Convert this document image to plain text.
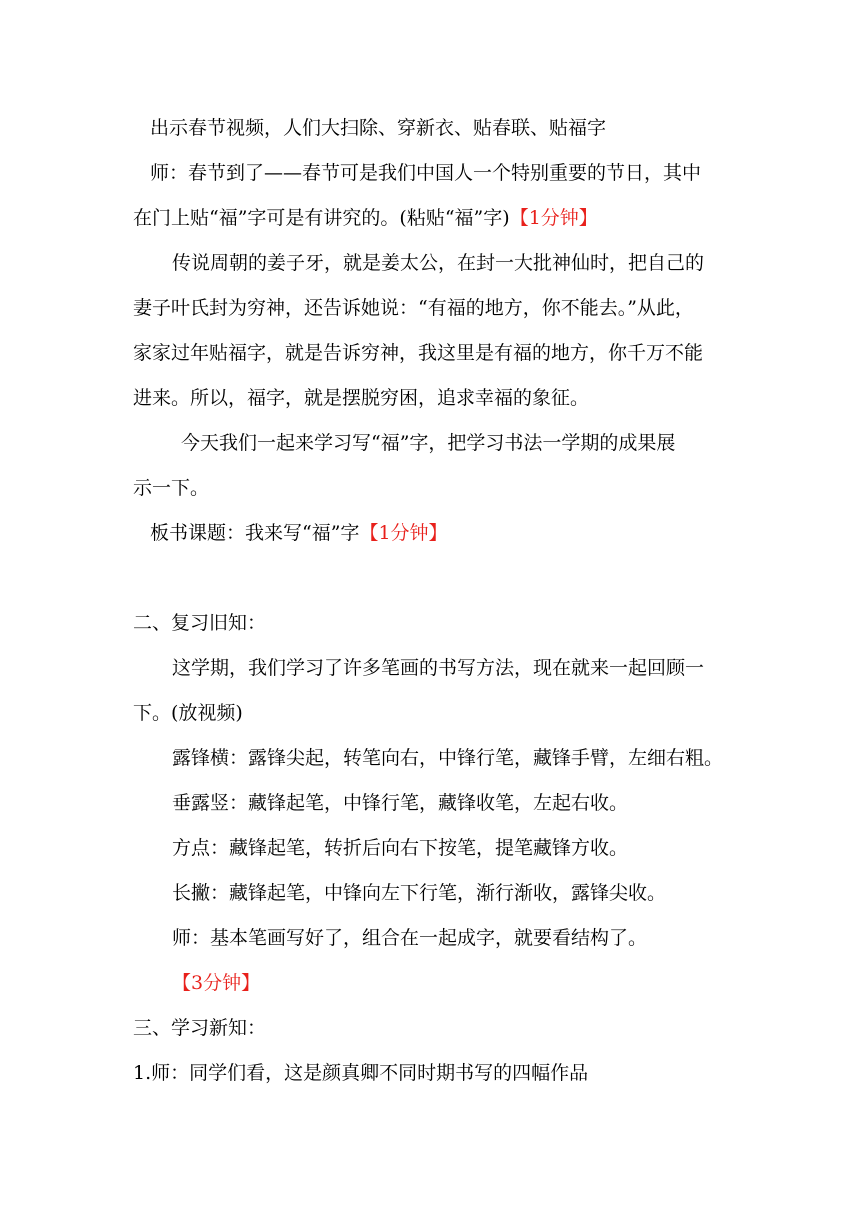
出示春节视频，人们大扫除、穿新衣、贴春联、贴福字
师：春节到了——春节可是我们中国人一个特别重要的节日，其中
在门上贴“福”字可是有讲究的。(粘贴“福”字)【1分钟】
传说周朝的姜子牙，就是姜太公，在封一大批神仙时，把自己的
妻子叶氏封为穷神，还告诉她说：“有福的地方，你不能去。”从此，
家家过年贴福字，就是告诉穷神，我这里是有福的地方，你千万不能
进来。所以，福字，就是摆脱穷困，追求幸福的象征。
今天我们一起来学习写“福”字，把学习书法一学期的成果展
示一下。
板书课题：我来写“福”字【1分钟】
二、复习旧知：
这学期，我们学习了许多笔画的书写方法，现在就来一起回顾一
下。(放视频)
露锋横：露锋尖起，转笔向右，中锋行笔，藏锋手臂，左细右粗。
垂露竖：藏锋起笔，中锋行笔，藏锋收笔，左起右收。
方点：藏锋起笔，转折后向右下按笔，提笔藏锋方收。
长撇：藏锋起笔，中锋向左下行笔，渐行渐收，露锋尖收。
师：基本笔画写好了，组合在一起成字，就要看结构了。
【3分钟】
三、学习新知：
1.师：同学们看，这是颜真卿不同时期书写的四幅作品
